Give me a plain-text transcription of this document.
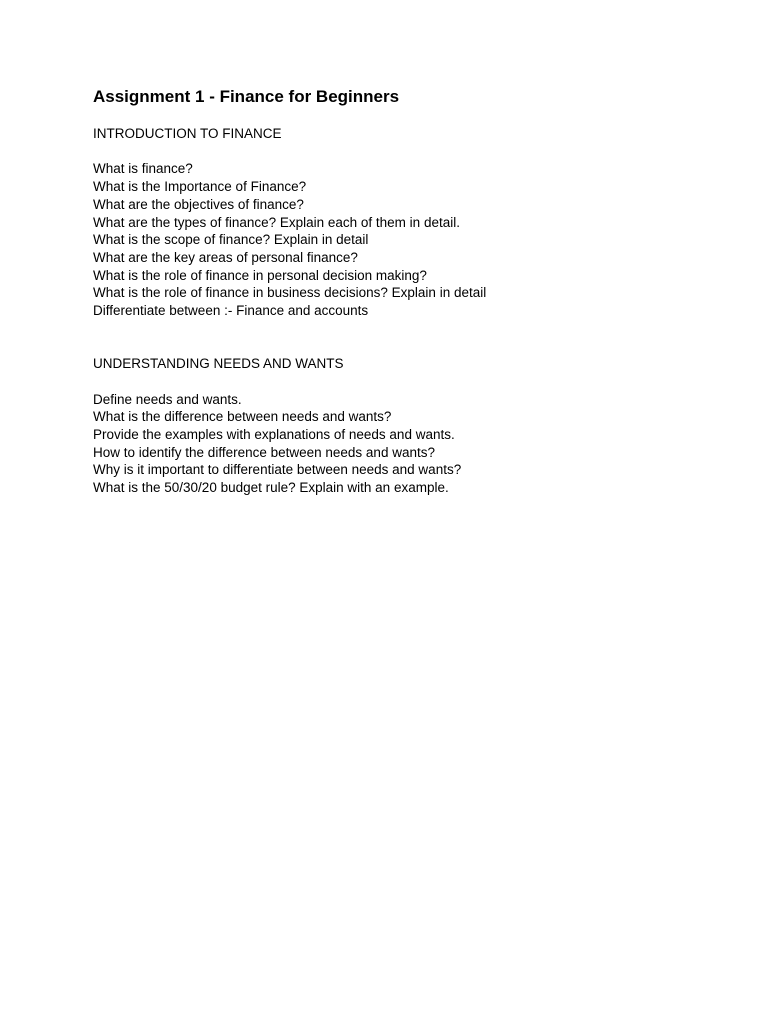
Assignment 1 - Finance for Beginners
INTRODUCTION TO FINANCE
What is finance?
What is the Importance of Finance?
What are the objectives of finance?
What are the types of finance? Explain each of them in detail.
What is the scope of finance? Explain in detail
What are the key areas of personal finance?
What is the role of finance in personal decision making?
What is the role of finance in business decisions? Explain in detail
Differentiate between :- Finance and accounts
UNDERSTANDING NEEDS AND WANTS
Define needs and wants.
What is the difference between needs and wants?
Provide the examples with explanations of needs and wants.
How to identify the difference between needs and wants?
Why is it important to differentiate between needs and wants?
What is the 50/30/20 budget rule? Explain with an example.
